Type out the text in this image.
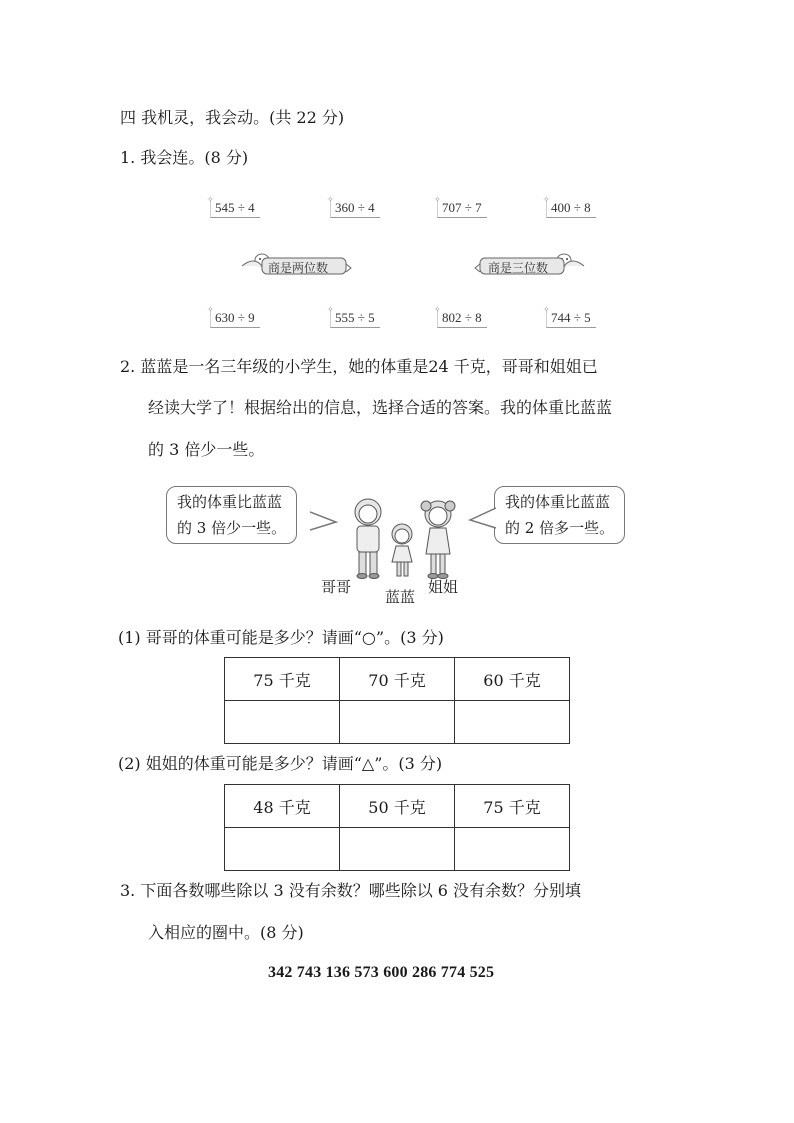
四 我机灵，我会动。(共 22 分)
1. 我会连。(8 分)
✧
545 ÷ 4
✧
360 ÷ 4
✧
707 ÷ 7
✧
400 ÷ 8
商是两位数	商是三位数
✧
630 ÷ 9
✧
555 ÷ 5
✧
802 ÷ 8
✧
744 ÷ 5
2. 蓝蓝是一名三年级的小学生，她的体重是24 千克，哥哥和姐姐已
经读大学了！根据给出的信息，选择合适的答案。我的体重比蓝蓝
的 3 倍少一些。
我的体重比蓝蓝
的 3 倍少一些。
我的体重比蓝蓝
的 2 倍多一些。
哥哥
蓝蓝
姐姐
(1) 哥哥的体重可能是多少？请画“○”。(3 分)
75 千克	70 千克	60 千克

(2) 姐姐的体重可能是多少？请画“△”。(3 分)
48 千克	50 千克	75 千克

3. 下面各数哪些除以 3 没有余数？哪些除以 6 没有余数？分别填
入相应的圈中。(8 分)
342 743 136 573 600 286 774 525
